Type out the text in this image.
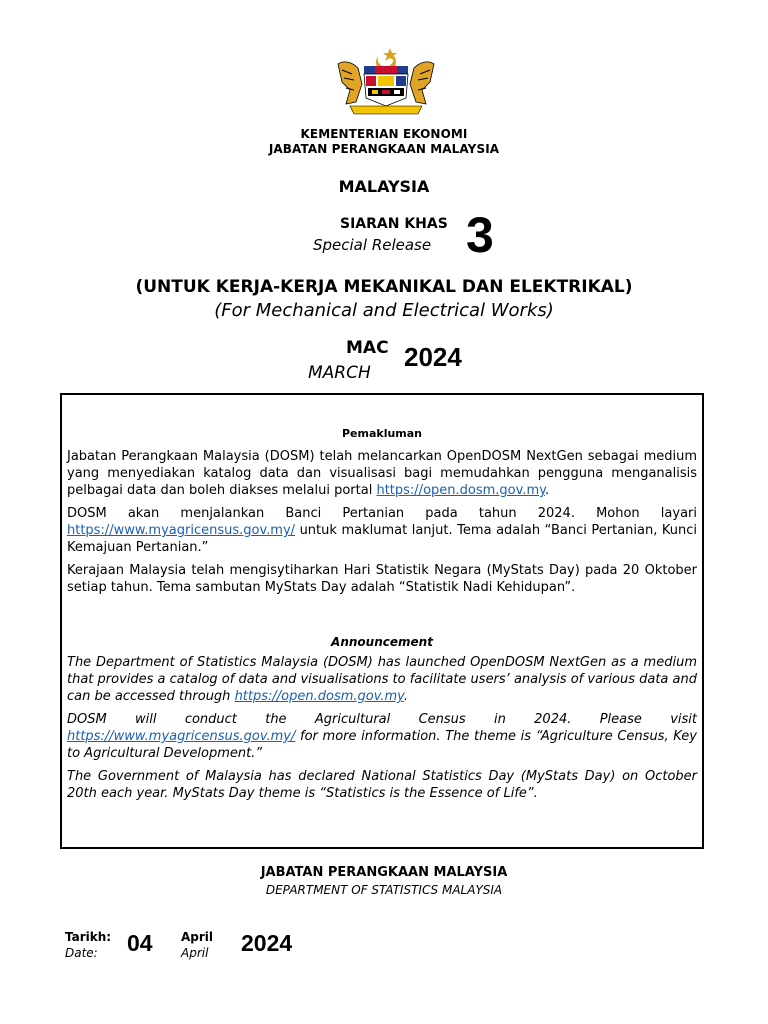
KEMENTERIAN EKONOMI
JABATAN PERANGKAAN MALAYSIA
MALAYSIA
SIARAN KHAS
Special Release 3
(UNTUK KERJA-KERJA MEKANIKAL DAN ELEKTRIKAL)
(For Mechanical and Electrical Works)
MAC
MARCH
2024
Pemakluman

Jabatan Perangkaan Malaysia (DOSM) telah melancarkan OpenDOSM NextGen sebagai medium yang menyediakan katalog data dan visualisasi bagi memudahkan pengguna menganalisis pelbagai data dan boleh diakses melalui portal https://open.dosm.gov.my.

DOSM akan menjalankan Banci Pertanian pada tahun 2024. Mohon layari https://www.myagricensus.gov.my/ untuk maklumat lanjut. Tema adalah “Banci Pertanian, Kunci Kemajuan Pertanian.”

Kerajaan Malaysia telah mengisytiharkan Hari Statistik Negara (MyStats Day) pada 20 Oktober setiap tahun. Tema sambutan MyStats Day adalah “Statistik Nadi Kehidupan”.

Announcement

The Department of Statistics Malaysia (DOSM) has launched OpenDOSM NextGen as a medium that provides a catalog of data and visualisations to facilitate users’ analysis of various data and can be accessed through https://open.dosm.gov.my.

DOSM will conduct the Agricultural Census in 2024. Please visit https://www.myagricensus.gov.my/ for more information. The theme is “Agriculture Census, Key to Agricultural Development.”

The Government of Malaysia has declared National Statistics Day (MyStats Day) on October 20th each year. MyStats Day theme is “Statistics is the Essence of Life”.

JABATAN PERANGKAAN MALAYSIA
DEPARTMENT OF STATISTICS MALAYSIA
Tarikh:
Date: 04 April
April 2024
